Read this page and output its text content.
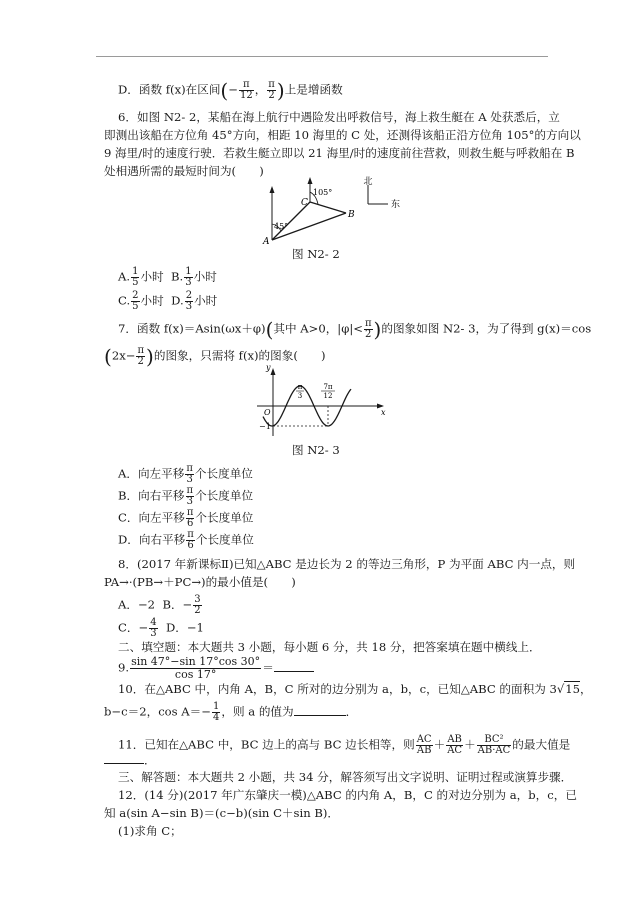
D．函数 f(x)在区间(− $\frac{\pi}{12}$ ， $\frac{\pi}{2}$ )上是增函数
6．如图 N2- 2，某船在海上航行中遇险发出呼救信号，海上救生艇在 A 处获悉后，立
即测出该船在方位角 45°方向，相距 10 海里的 C 处，还测得该船正沿方位角 105°的方向以
9 海里/时的速度行驶．若救生艇立即以 21 海里/时的速度前往营救，则救生艇与呼救船在 B
处相遇所需的最短时间为(　　)
北
东
105°
45°
A
B
C
图 N2- 2
A. $\frac{1}{5}$ 小时 B. $\frac{1}{3}$ 小时
C. $\frac{2}{5}$ 小时 D. $\frac{2}{3}$ 小时
7．函数 f(x)＝Asin(ωx＋φ)(其中 A>0，$|\varphi|< \frac{\pi}{2}$ )的图象如图 N2- 3，为了得到 g(x)＝cos
($2x- \frac{\pi}{2}$ )的图象，只需将 f(x)的图象(　　)
y
x
O
−1
π
3
7π
12
图 N2- 3
A．向左平移 $\frac{\pi}{3}$ 个长度单位
B．向右平移 $\frac{\pi}{3}$ 个长度单位
C．向左平移 $\frac{\pi}{6}$ 个长度单位
D．向右平移 $\frac{\pi}{6}$ 个长度单位
8．(2017 年新课标Ⅱ)已知△ABC 是边长为 2 的等边三角形，P 为平面 ABC 内一点，则
PA→·(PB→＋PC→)的最小值是(　　)
A．−2 B．− $\frac{3}{2}$
C．− $\frac{4}{3}$ D．−1
二、填空题：本大题共 3 小题，每小题 6 分，共 18 分，把答案填在题中横线上．
9. $\frac{\sin 47^\circ-\sin 17^\circ\cos 30^\circ}{\cos 17^\circ}$ ＝
10．在△ABC 中，内角 A，B，C 所对的边分别为 a，b，c，已知△ABC 的面积为 3√15，
b−c＝2，$\cos A=- \frac{1}{4}$ ，则 a 的值为	．
11．已知在△ABC 中，BC 边上的高与 BC 边长相等，则 $\frac{AC}{AB} + \frac{AB}{AC} + \frac{\text{BC²}}{AB\cdot AC}$ 的最大值是
．
三、解答题：本大题共 2 小题，共 34 分，解答须写出文字说明、证明过程或演算步骤．
12．(14 分)(2017 年广东肇庆一模)△ABC 的内角 A，B，C 的对边分别为 a，b，c，已
知 a(sin A−sin B)＝(c−b)(sin C＋sin B)．
(1)求角 C；
